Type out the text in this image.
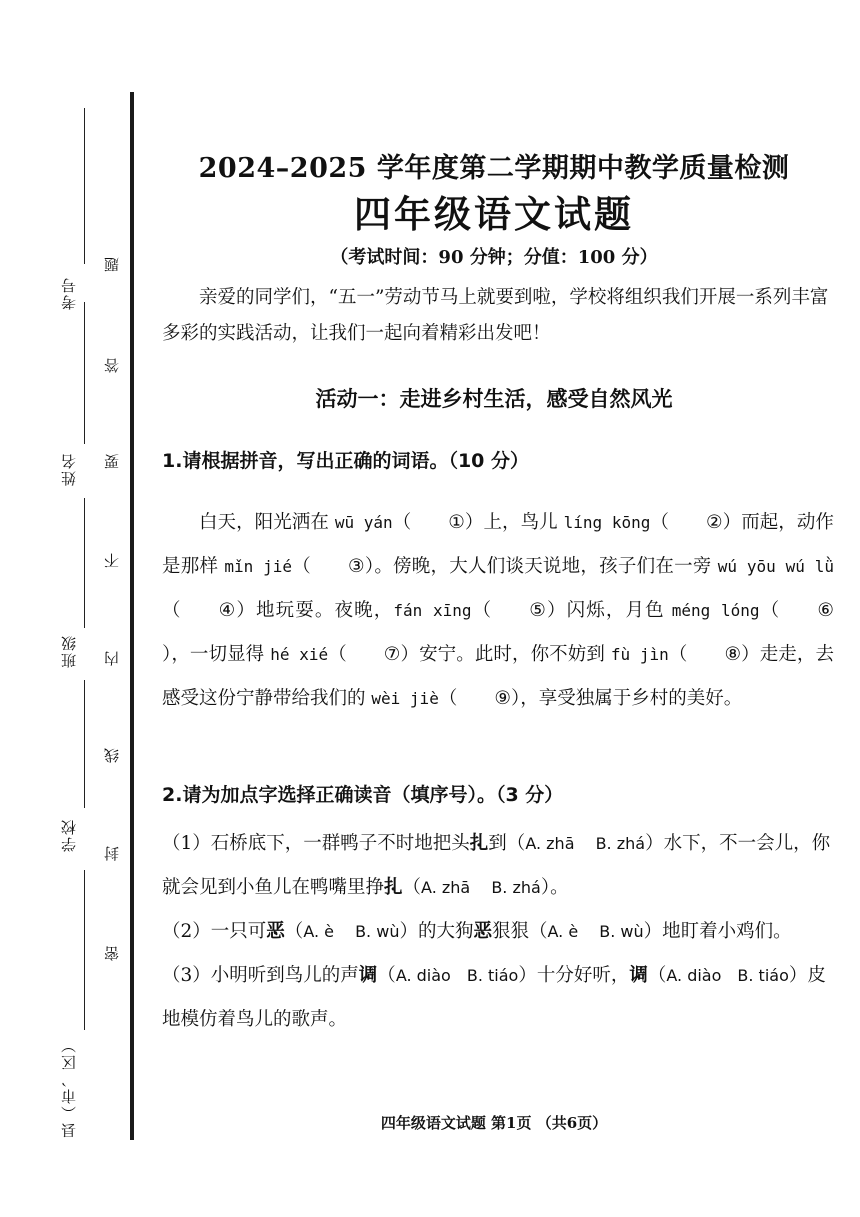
考号
姓名
班级
学校
县（市、区）
题
答
要
不
内
线
封
密
2024–2025 学年度第二学期期中教学质量检测
四年级语文试题
（考试时间：90 分钟；分值：100 分）
亲爱的同学们，“五一”劳动节马上就要到啦，学校将组织我们开展一系列丰富多彩的实践活动，让我们一起向着精彩出发吧！
活动一：走进乡村生活，感受自然风光
1.请根据拼音，写出正确的词语。（10 分）

白天，阳光洒在 wū yán（ ①）上，鸟儿 líng kōng（ ②）而起，动作是那样 mǐn jié（ ③）。傍晚，大人们谈天说地，孩子们在一旁 wú yōu wú lǜ（ ④）地玩耍。夜晚，fán xīng（ ⑤）闪烁，月色 méng lóng（ ⑥），一切显得 hé xié（ ⑦）安宁。此时，你不妨到 fù jìn（ ⑧）走走，去感受这份宁静带给我们的 wèi jiè（ ⑨），享受独属于乡村的美好。

2.请为加点字选择正确读音（填序号）。（3 分）

（1）石桥底下，一群鸭子不时地把头扎 ·到（A. zhā　 B. zhá）水下，不一会儿，你就会见到小鱼儿在鸭嘴里挣扎 ·（A. zhā　 B. zhá）。

（2）一只可恶 ·（A. è　 B. wù）的大狗恶 ·狠狠（A. è　 B. wù）地盯着小鸡们。

（3）小明听到鸟儿的声调 ·（A. diào　B. tiáo）十分好听，调 ·（A. diào　B. tiáo）皮地模仿着鸟儿的歌声。

四年级语文试题 第1页 （共6页）
